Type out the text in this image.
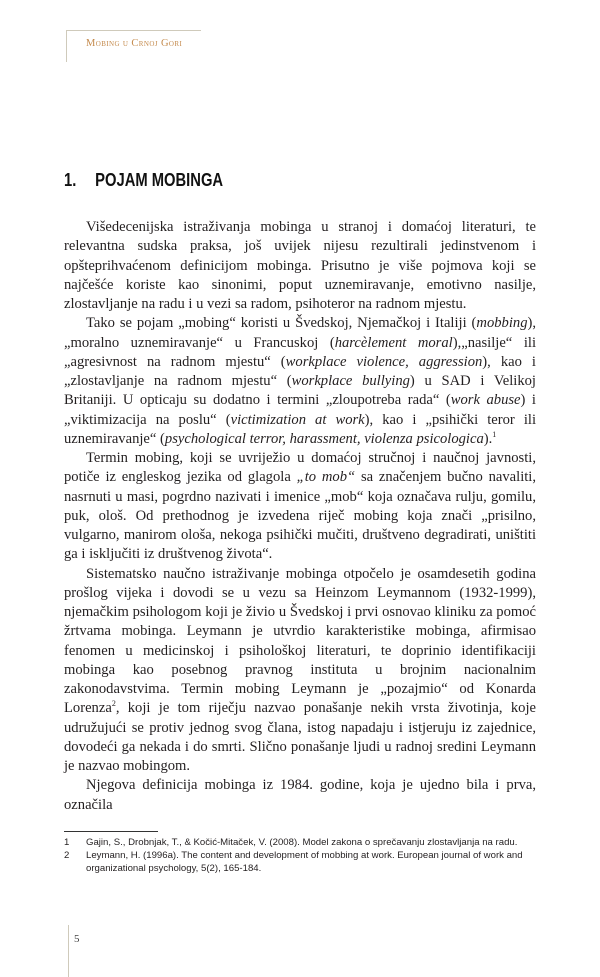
Mobing u Crnoj Gori
1. POJAM MOBINGA

Višedecenijska istraživanja mobinga u stranoj i domaćoj literaturi, te relevantna sudska praksa, još uvijek nijesu rezultirali jedinstvenom i opšteprihvaćenom definicijom mobinga. Prisutno je više pojmova koji se najčešće koriste kao sinonimi, poput uznemiravanje, emotivno nasilje, zlostavljanje na radu i u vezi sa radom, psihoteror na radnom mjestu.

Tako se pojam „mobing“ koristi u Švedskoj, Njemačkoj i Italiji (mobbing), „moralno uznemiravanje“ u Francuskoj (harcèlement moral),„nasilje“ ili „agresivnost na radnom mjestu“ (workplace violence, aggression), kao i „zlostavljanje na radnom mjestu“ (workplace bullying) u SAD i Velikoj Britaniji. U opticaju su dodatno i termini „zloupotreba rada“ (work abuse) i „viktimizacija na poslu“ (victimization at work), kao i „psihički teror ili uznemiravanje“ (psychological terror, harassment, violenza psicologica).$^1$

Termin mobing, koji se uvriježio u domaćoj stručnoj i naučnoj javnosti, potiče iz engleskog jezika od glagola „to mob“ sa značenjem bučno navaliti, nasrnuti u masi, pogrdno nazivati i imenice „mob“ koja označava rulju, gomilu, puk, ološ. Od prethodnog je izvedena riječ mobing koja znači „prisilno, vulgarno, manirom ološa, nekoga psihički mučiti, društveno degradirati, uništiti ga i isključiti iz društvenog života“.

Sistematsko naučno istraživanje mobinga otpočelo je osamdesetih godina prošlog vijeka i dovodi se u vezu sa Heinzom Leymannom (1932-1999), njemačkim psihologom koji je živio u Švedskoj i prvi osnovao kliniku za pomoć žrtvama mobinga. Leymann je utvrdio karakteristike mobinga, afirmisao fenomen u medicinskoj i psihološkoj literaturi, te doprinio identifikaciji mobinga kao posebnog pravnog instituta u brojnim nacionalnim zakonodavstvima. Termin mobing Leymann je „pozajmio“ od Konarda Lorenza$^2$, koji je tom riječju nazvao ponašanje nekih vrsta životinja, koje udružujući se protiv jednog svog člana, istog napadaju i istjeruju iz zajednice, dovodeći ga nekada i do smrti. Slično ponašanje ljudi u radnoj sredini Leymann je nazvao mobingom.

Njegova definicija mobinga iz 1984. godine, koja je ujedno bila i prva, označila

1	Gajin, S., Drobnjak, T., & Kočić-Mitaček, V. (2008). Model zakona o sprečavanju zlostavljanja na radu.
2	Leymann, H. (1996a). The content and development of mobbing at work. European journal of work and organizational psychology, 5(2), 165-184.
5
